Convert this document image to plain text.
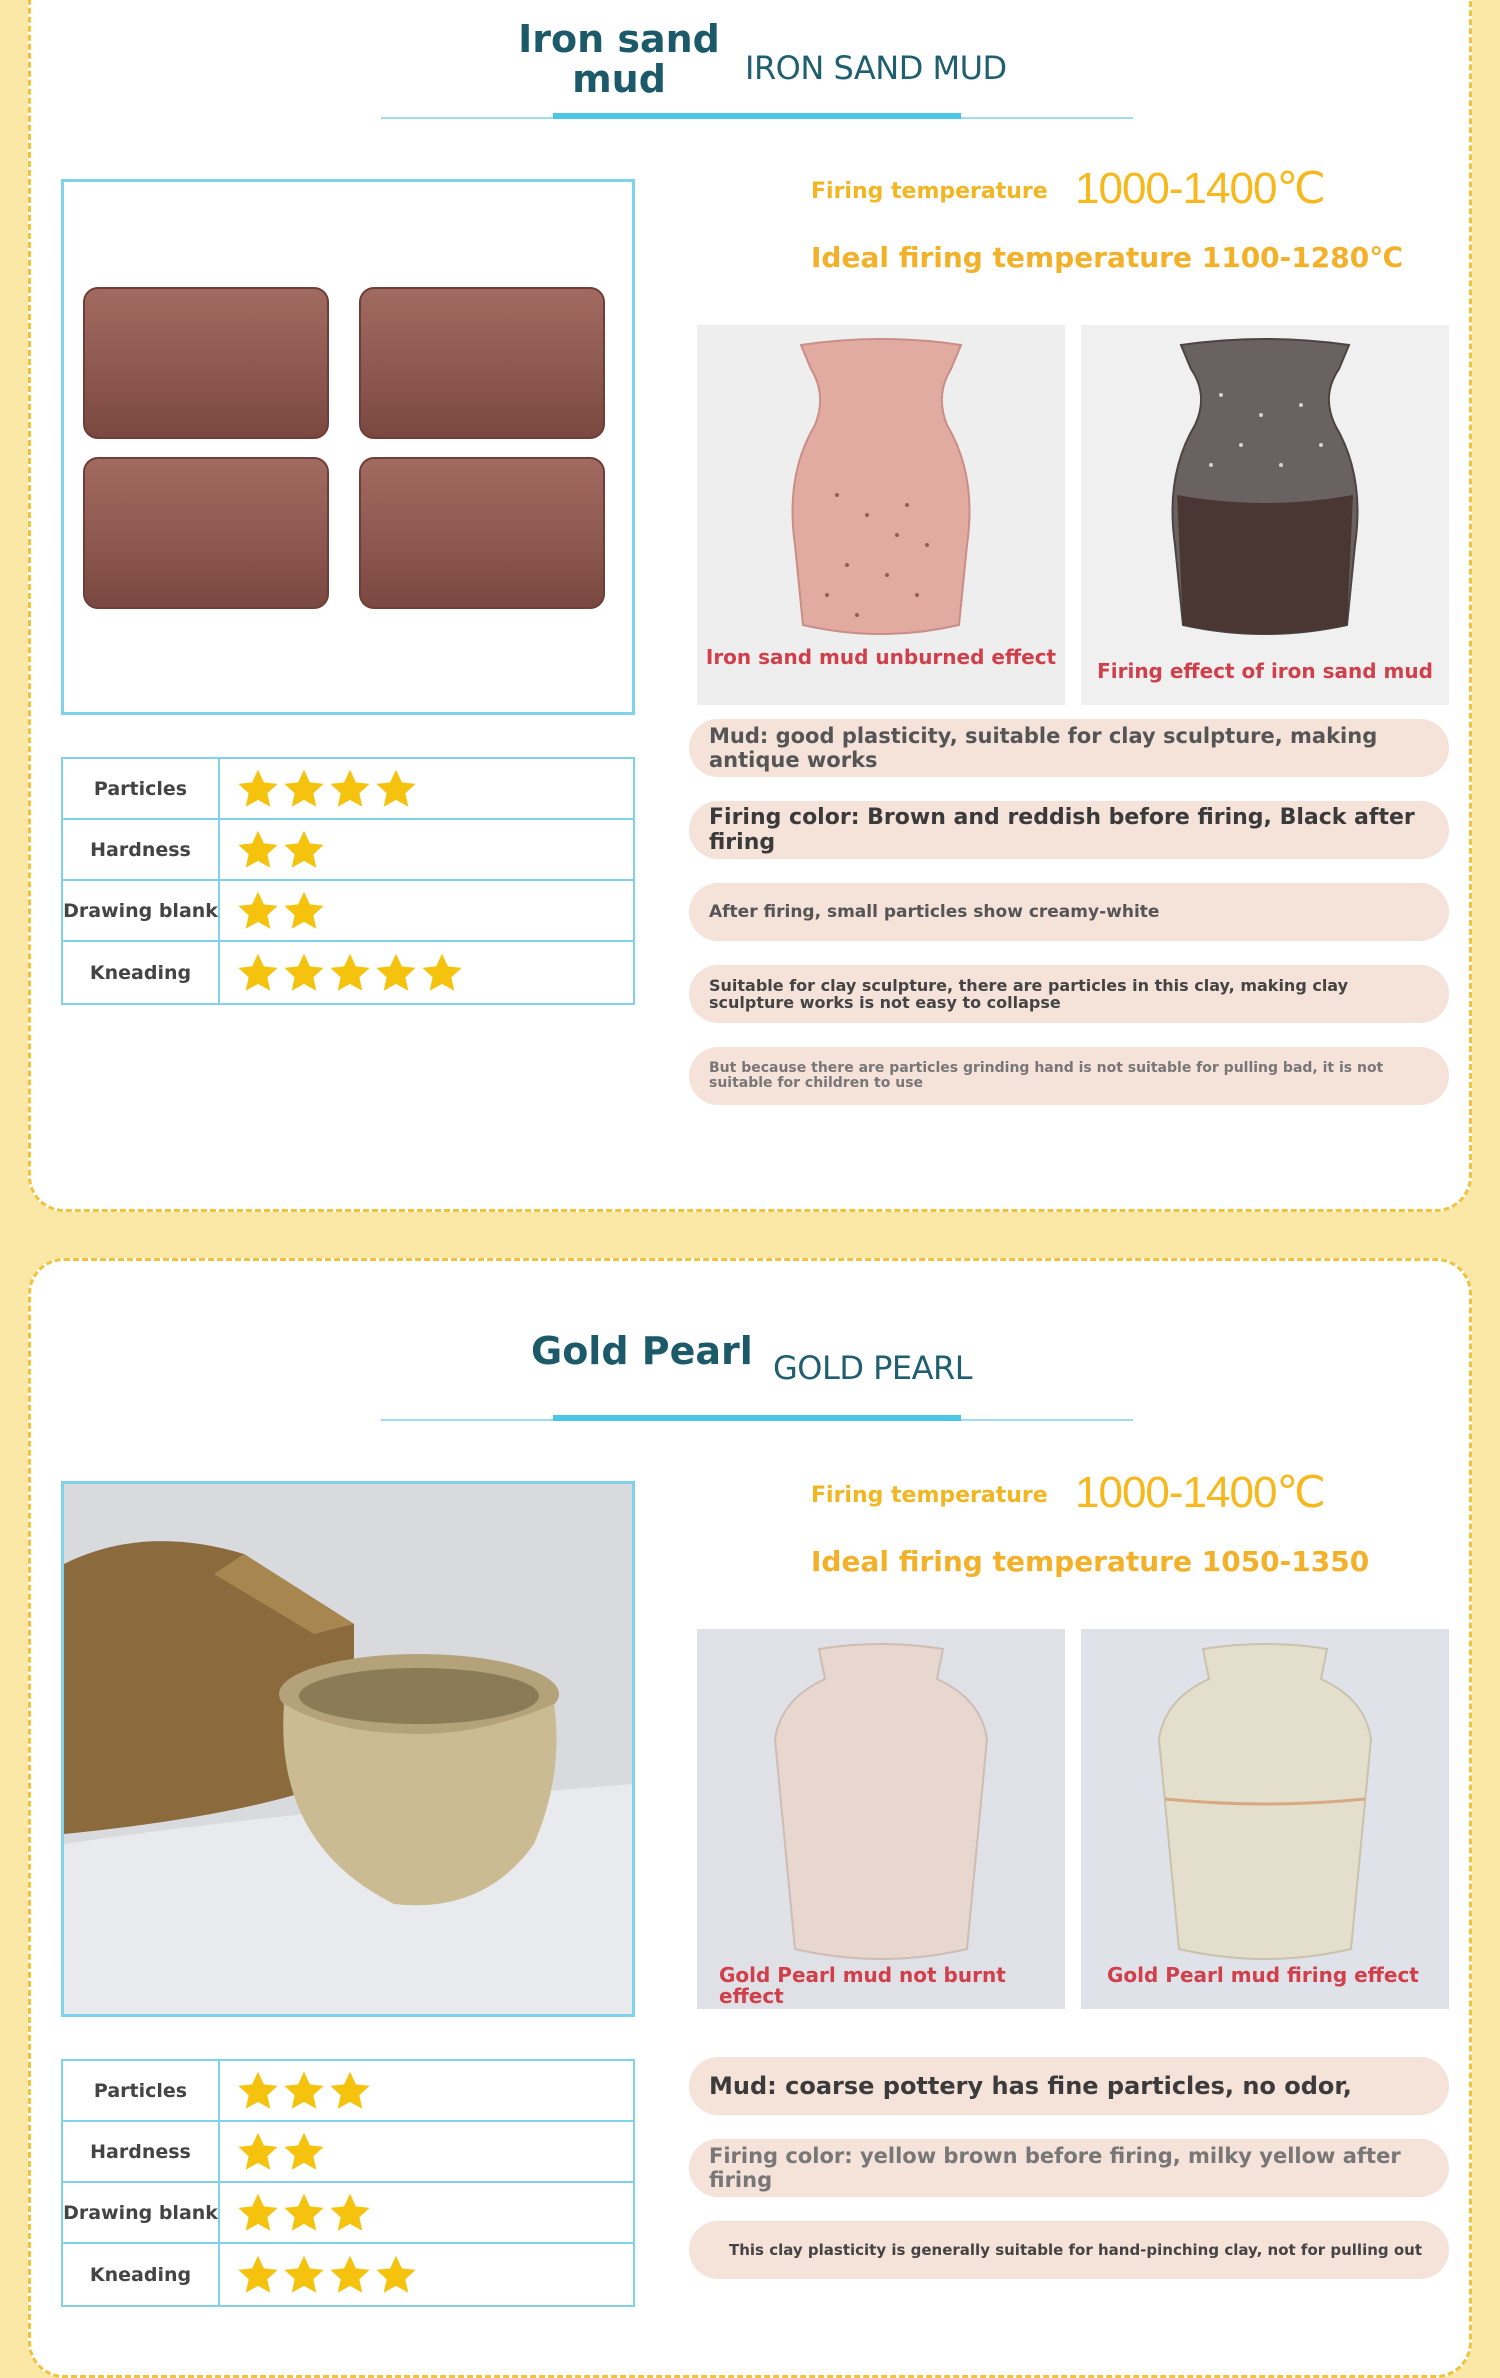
Iron sand mud	IRON SAND MUD
Particles
Hardness
Drawing blank
Kneading
Firing temperature 1000-1400℃
Ideal firing temperature 1100-1280℃
Iron sand mud unburned effect
Firing effect of iron sand mud
Mud: good plasticity, suitable for clay sculpture, making antique works
Firing color: Brown and reddish before firing, Black after firing
After firing, small particles show creamy-white
Suitable for clay sculpture, there are particles in this clay, making clay sculpture works is not easy to collapse
But because there are particles grinding hand is not suitable for pulling bad, it is not suitable for children to use
Gold Pearl GOLD PEARL
Particles
Hardness
Drawing blank
Kneading
Firing temperature 1000-1400℃
Ideal firing temperature 1050-1350
Gold Pearl mud not burnt effect
Gold Pearl mud firing effect
Mud: coarse pottery has fine particles, no odor,
Firing color: yellow brown before firing, milky yellow after firing
This clay plasticity is generally suitable for hand-pinching clay, not for pulling out
